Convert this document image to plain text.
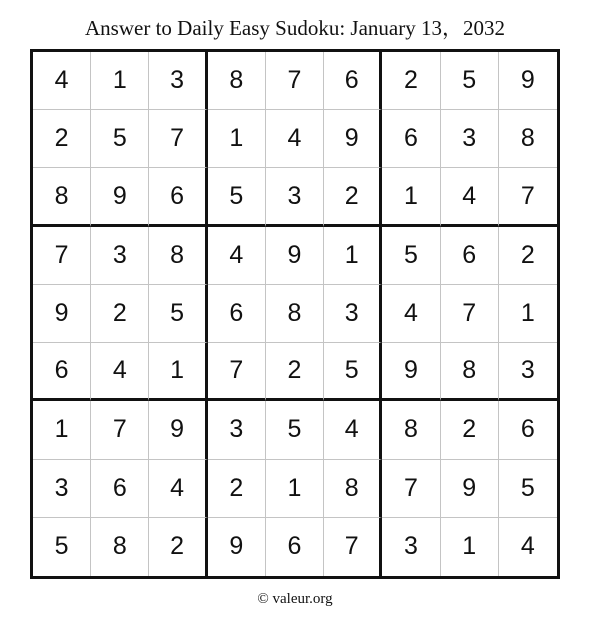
Answer to Daily Easy Sudoku: January 13，2032
4	1	3	8	7	6	2	5	9
2	5	7	1	4	9	6	3	8
8	9	6	5	3	2	1	4	7
7	3	8	4	9	1	5	6	2
9	2	5	6	8	3	4	7	1
6	4	1	7	2	5	9	8	3
1	7	9	3	5	4	8	2	6
3	6	4	2	1	8	7	9	5
5	8	2	9	6	7	3	1	4
© valeur.org
